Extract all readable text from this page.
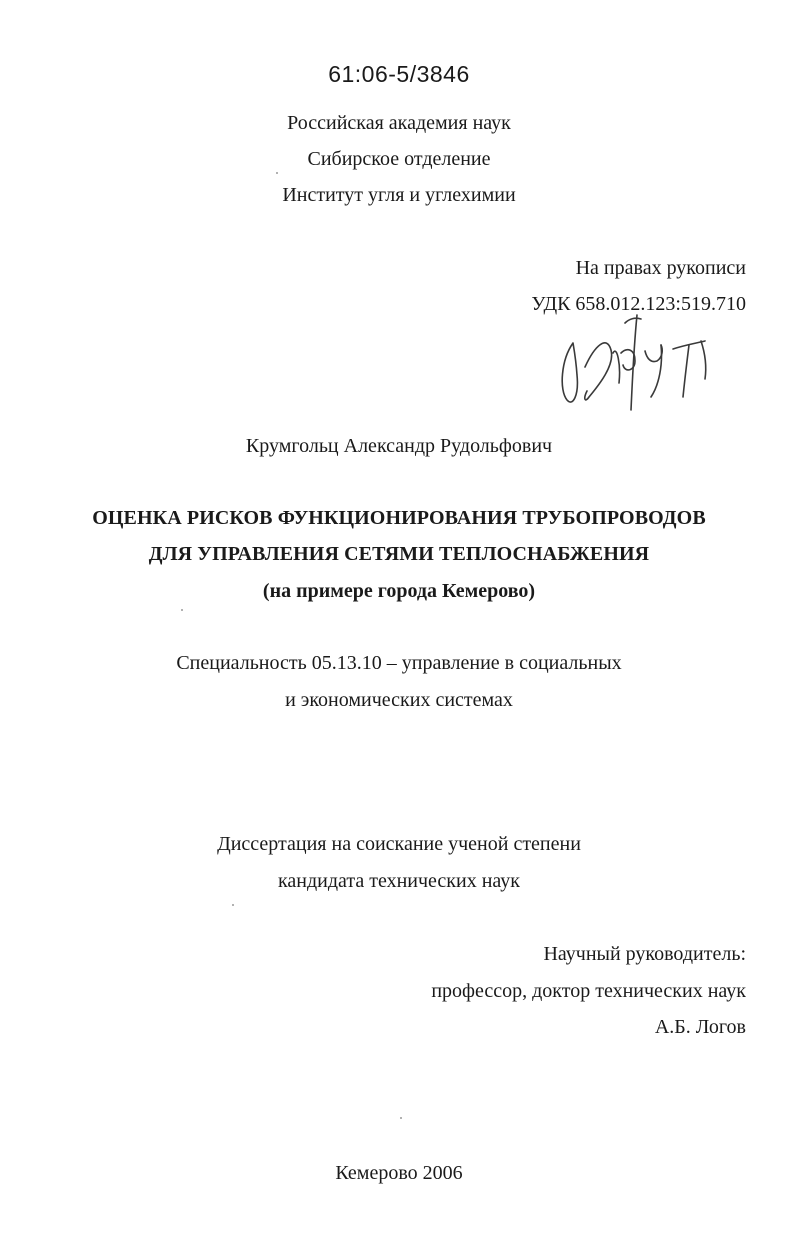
61:06-5/3846
Российская академия наук
Сибирское отделение
Институт угля и углехимии
На правах рукописи
УДК 658.012.123:519.710
Крумгольц Александр Рудольфович
ОЦЕНКА РИСКОВ ФУНКЦИОНИРОВАНИЯ ТРУБОПРОВОДОВ
ДЛЯ УПРАВЛЕНИЯ СЕТЯМИ ТЕПЛОСНАБЖЕНИЯ
(на примере города Кемерово)
Специальность 05.13.10 – управление в социальных
и экономических системах
Диссертация на соискание ученой степени
кандидата технических наук
Научный руководитель:
профессор, доктор технических наук
А.Б. Логов
Кемерово 2006
